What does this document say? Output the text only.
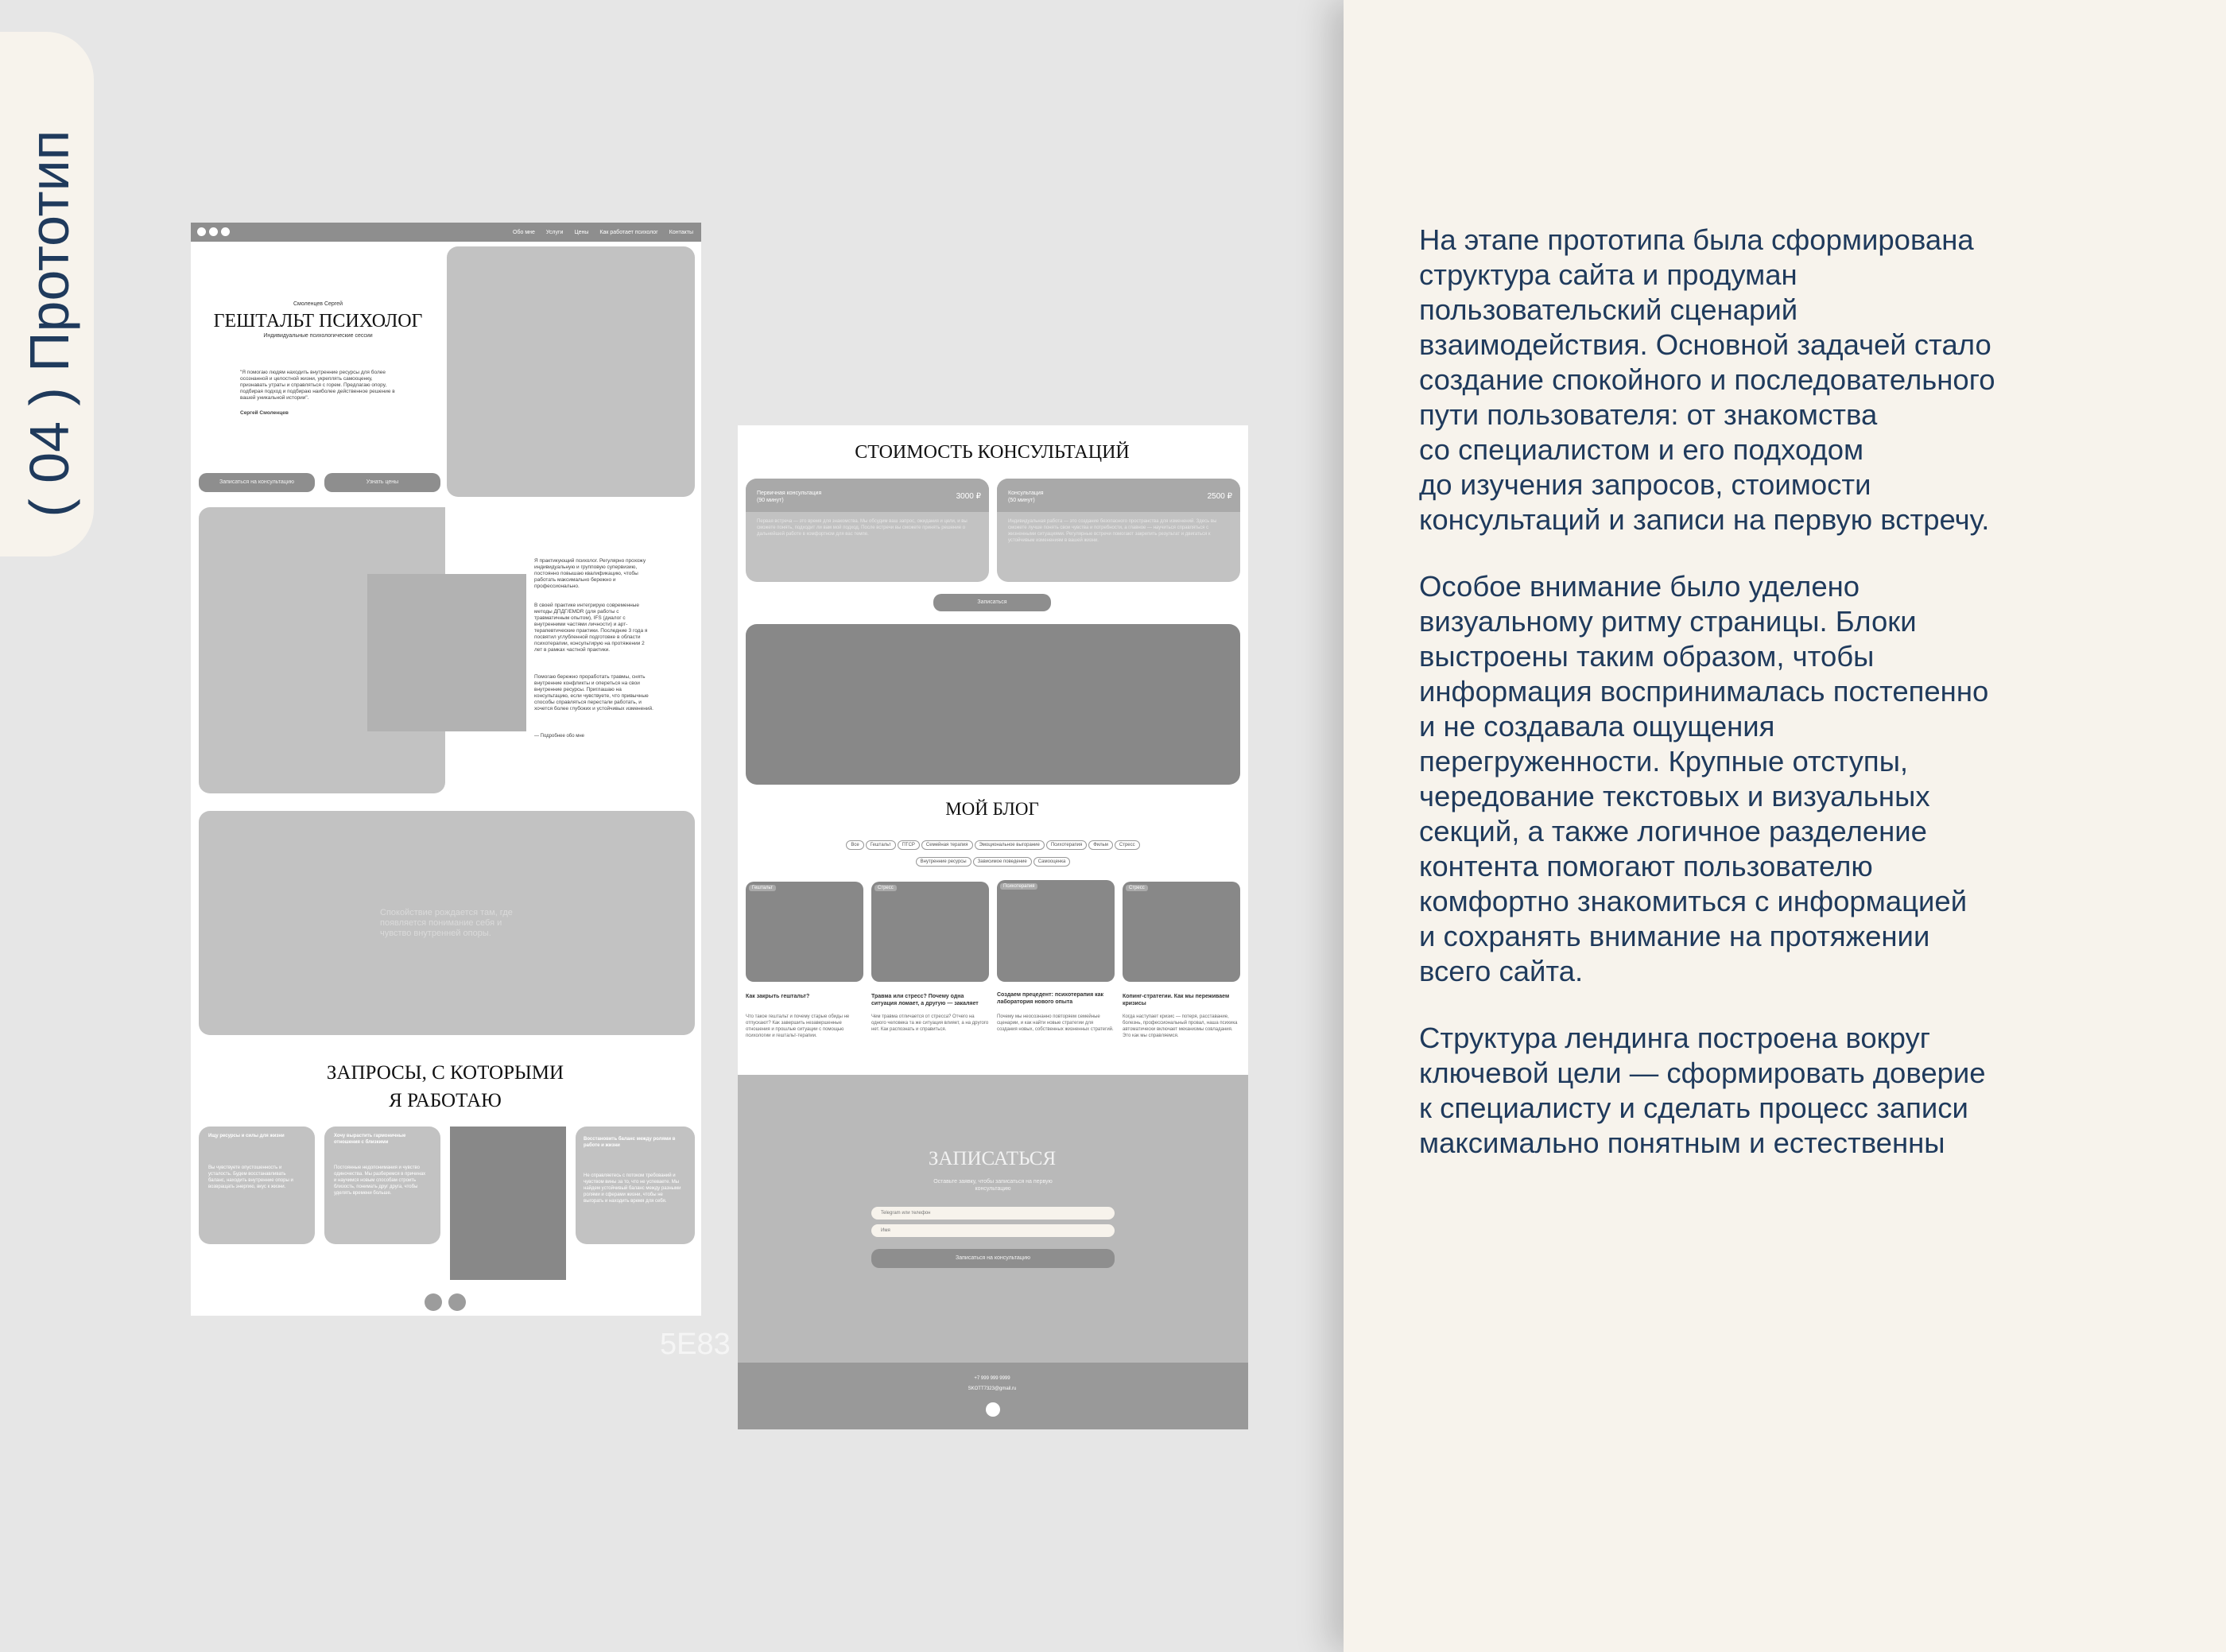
( 04 ) Прототип	Обо мне Услуги Цены Как работает психолог Контакты
Смоленцев Сергей
ГЕШТАЛЬТ ПСИХОЛОГ
Индивидуальные психологические сессии
"Я помогаю людям находить внутренние ресурсы для более осознанной и целостной жизни, укреплять самооценку, признавать утраты и справляться с горем. Предлагаю опору, подбирая подход и подбираю наиболее действенное решение в вашей уникальной истории".
Сергей Смоленцев
Записаться на консультацию	Узнать цены
Я практикующий психолог. Регулярно прохожу индивидуальную и групповую супервизию, постоянно повышаю квалификацию, чтобы работать максимально бережно и профессионально.
В своей практике интегрирую современные методы ДПДГ/EMDR (для работы с травматичным опытом), IFS (диалог с внутренними частями личности) и арт-терапевтические практики. Последние 3 года я посвятил углубленной подготовке в области психотерапии, консультирую на протяжении 2 лет в рамках частной практики.
Помогаю бережно проработать травмы, снять внутренние конфликты и опереться на свои внутренние ресурсы. Приглашаю на консультацию, если чувствуете, что привычные способы справляться перестали работать, и хочется более глубоких и устойчивых изменений.
— Подробнее обо мне
Спокойствие рождается там, где появляется понимание себя и чувство внутренней опоры.
ЗАПРОСЫ, С КОТОРЫМИ
Я РАБОТАЮ
Ищу ресурсы и силы для жизни
Вы чувствуете опустошенность и усталость. Будем восстанавливать баланс, находить внутренние опоры и возвращать энергию, вкус к жизни.
Хочу вырастить гармоничные отношения с близкими
Постоянные недопонимания и чувство одиночества. Мы разберемся в причинах и научимся новым способам строить близость, понимать друг друга, чтобы уделять времени больше.
Восстановить баланс между ролями в работе и жизни
Не справляетесь с потоком требований и чувством вины за то, что не успеваете. Мы найдем устойчивый баланс между разными ролями и сферами жизни, чтобы не выгорать и находить время для себя.
СТОИМОСТЬ КОНСУЛЬТАЦИЙ
Первичная консультация
(90 минут)	3000 ₽
Первая встреча — это время для знакомства. Мы обсудим ваш запрос, ожидания и цели, и вы сможете понять, подходит ли вам мой подход. После встречи вы сможете принять решение о дальнейшей работе в комфортном для вас темпе.
Консультация
(50 минут)	2500 ₽
Индивидуальная работа — это создание безопасного пространства для изменений. Здесь вы сможете лучше понять свои чувства и потребности, а главное — научиться справляться с жизненными ситуациями. Регулярные встречи помогают закрепить результат и двигаться к устойчивым изменениям в вашей жизни.
Записаться
МОЙ БЛОГ
Все Гештальт ПТСР Семейная терапия Эмоциональное выгорание Психотерапия Фильм Стресс
Внутренние ресурсы Зависимое поведение Самооценка
Гештальт
Как закрыть гештальт?
Что такое гештальт и почему старые обиды не отпускают? Как завершить незавершенные отношения и прошлые ситуации с помощью психологии и гештальт-терапии.
Стресс
Травма или стресс? Почему одна ситуация ломает, а другую — закаляет
Чем травма отличается от стресса? Отчего на одного человека та же ситуация влияет, а на другого нет. Как распознать и справиться.
Психотерапия
Создаем прецедент: психотерапия как лаборатория нового опыта
Почему мы неосознанно повторяем семейные сценарии, и как найти новые стратегии для создания новых, собственных жизненных стратегий.
Стресс
Копинг-стратегии. Как мы переживаем кризисы
Когда наступает кризис — потеря, расставание, болезнь, профессиональный провал, наша психика автоматически включает механизмы совладания. Это как мы справляемся.
ЗАПИСАТЬСЯ
Оставьте заявку, чтобы записаться на первую консультацию
Telegram или телефон
Имя
Записаться на консультацию
+7 999 999 9999
SKOTT7323@gmail.ru
5E83

На этапе прототипа была сформирована
структура сайта и продуман
пользовательский сценарий
взаимодействия. Основной задачей стало
создание спокойного и последовательного
пути пользователя: от знакомства
со специалистом и его подходом
до изучения запросов, стоимости
консультаций и записи на первую встречу.

Особое внимание было уделено
визуальному ритму страницы. Блоки
выстроены таким образом, чтобы
информация воспринималась постепенно
и не создавала ощущения
перегруженности. Крупные отступы,
чередование текстовых и визуальных
секций, а также логичное разделение
контента помогают пользователю
комфортно знакомиться с информацией
и сохранять внимание на протяжении
всего сайта.

Структура лендинга построена вокруг
ключевой цели — сформировать доверие
к специалисту и сделать процесс записи
максимально понятным и естественны
